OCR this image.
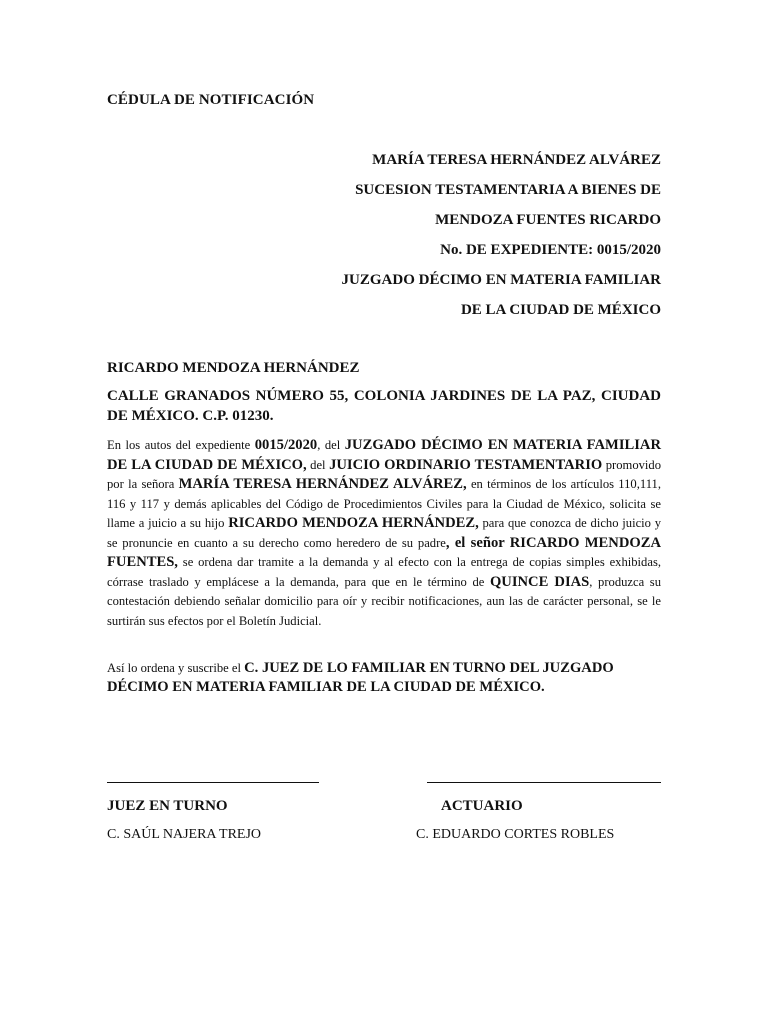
CÉDULA DE NOTIFICACIÓN
MARÍA TERESA HERNÁNDEZ ALVÁREZ
SUCESION TESTAMENTARIA A BIENES DE
MENDOZA FUENTES RICARDO
No. DE EXPEDIENTE: 0015/2020
JUZGADO DÉCIMO EN MATERIA FAMILIAR
DE LA CIUDAD DE MÉXICO
RICARDO MENDOZA HERNÁNDEZ
CALLE GRANADOS NÚMERO 55, COLONIA JARDINES DE LA PAZ, CIUDAD DE MÉXICO. C.P. 01230.
En los autos del expediente 0015/2020, del JUZGADO DÉCIMO EN MATERIA FAMILIAR DE LA CIUDAD DE MÉXICO, del JUICIO ORDINARIO TESTAMENTARIO promovido por la señora MARÍA TERESA HERNÁNDEZ ALVÁREZ, en términos de los artículos 110,111, 116 y 117 y demás aplicables del Código de Procedimientos Civiles para la Ciudad de México, solicita se llame a juicio a su hijo RICARDO MENDOZA HERNÁNDEZ, para que conozca de dicho juicio y se pronuncie en cuanto a su derecho como heredero de su padre, el señor RICARDO MENDOZA FUENTES, se ordena dar tramite a la demanda y al efecto con la entrega de copias simples exhibidas, córrase traslado y emplácese a la demanda, para que en le término de QUINCE DIAS, produzca su contestación debiendo señalar domicilio para oír y recibir notificaciones, aun las de carácter personal, se le surtirán sus efectos por el Boletín Judicial.
Así lo ordena y suscribe el C. JUEZ DE LO FAMILIAR EN TURNO DEL JUZGADO DÉCIMO EN MATERIA FAMILIAR DE LA CIUDAD DE MÉXICO.
JUEZ EN TURNO	ACTUARIO
C. SAÚL NAJERA TREJO	C. EDUARDO CORTES ROBLES
